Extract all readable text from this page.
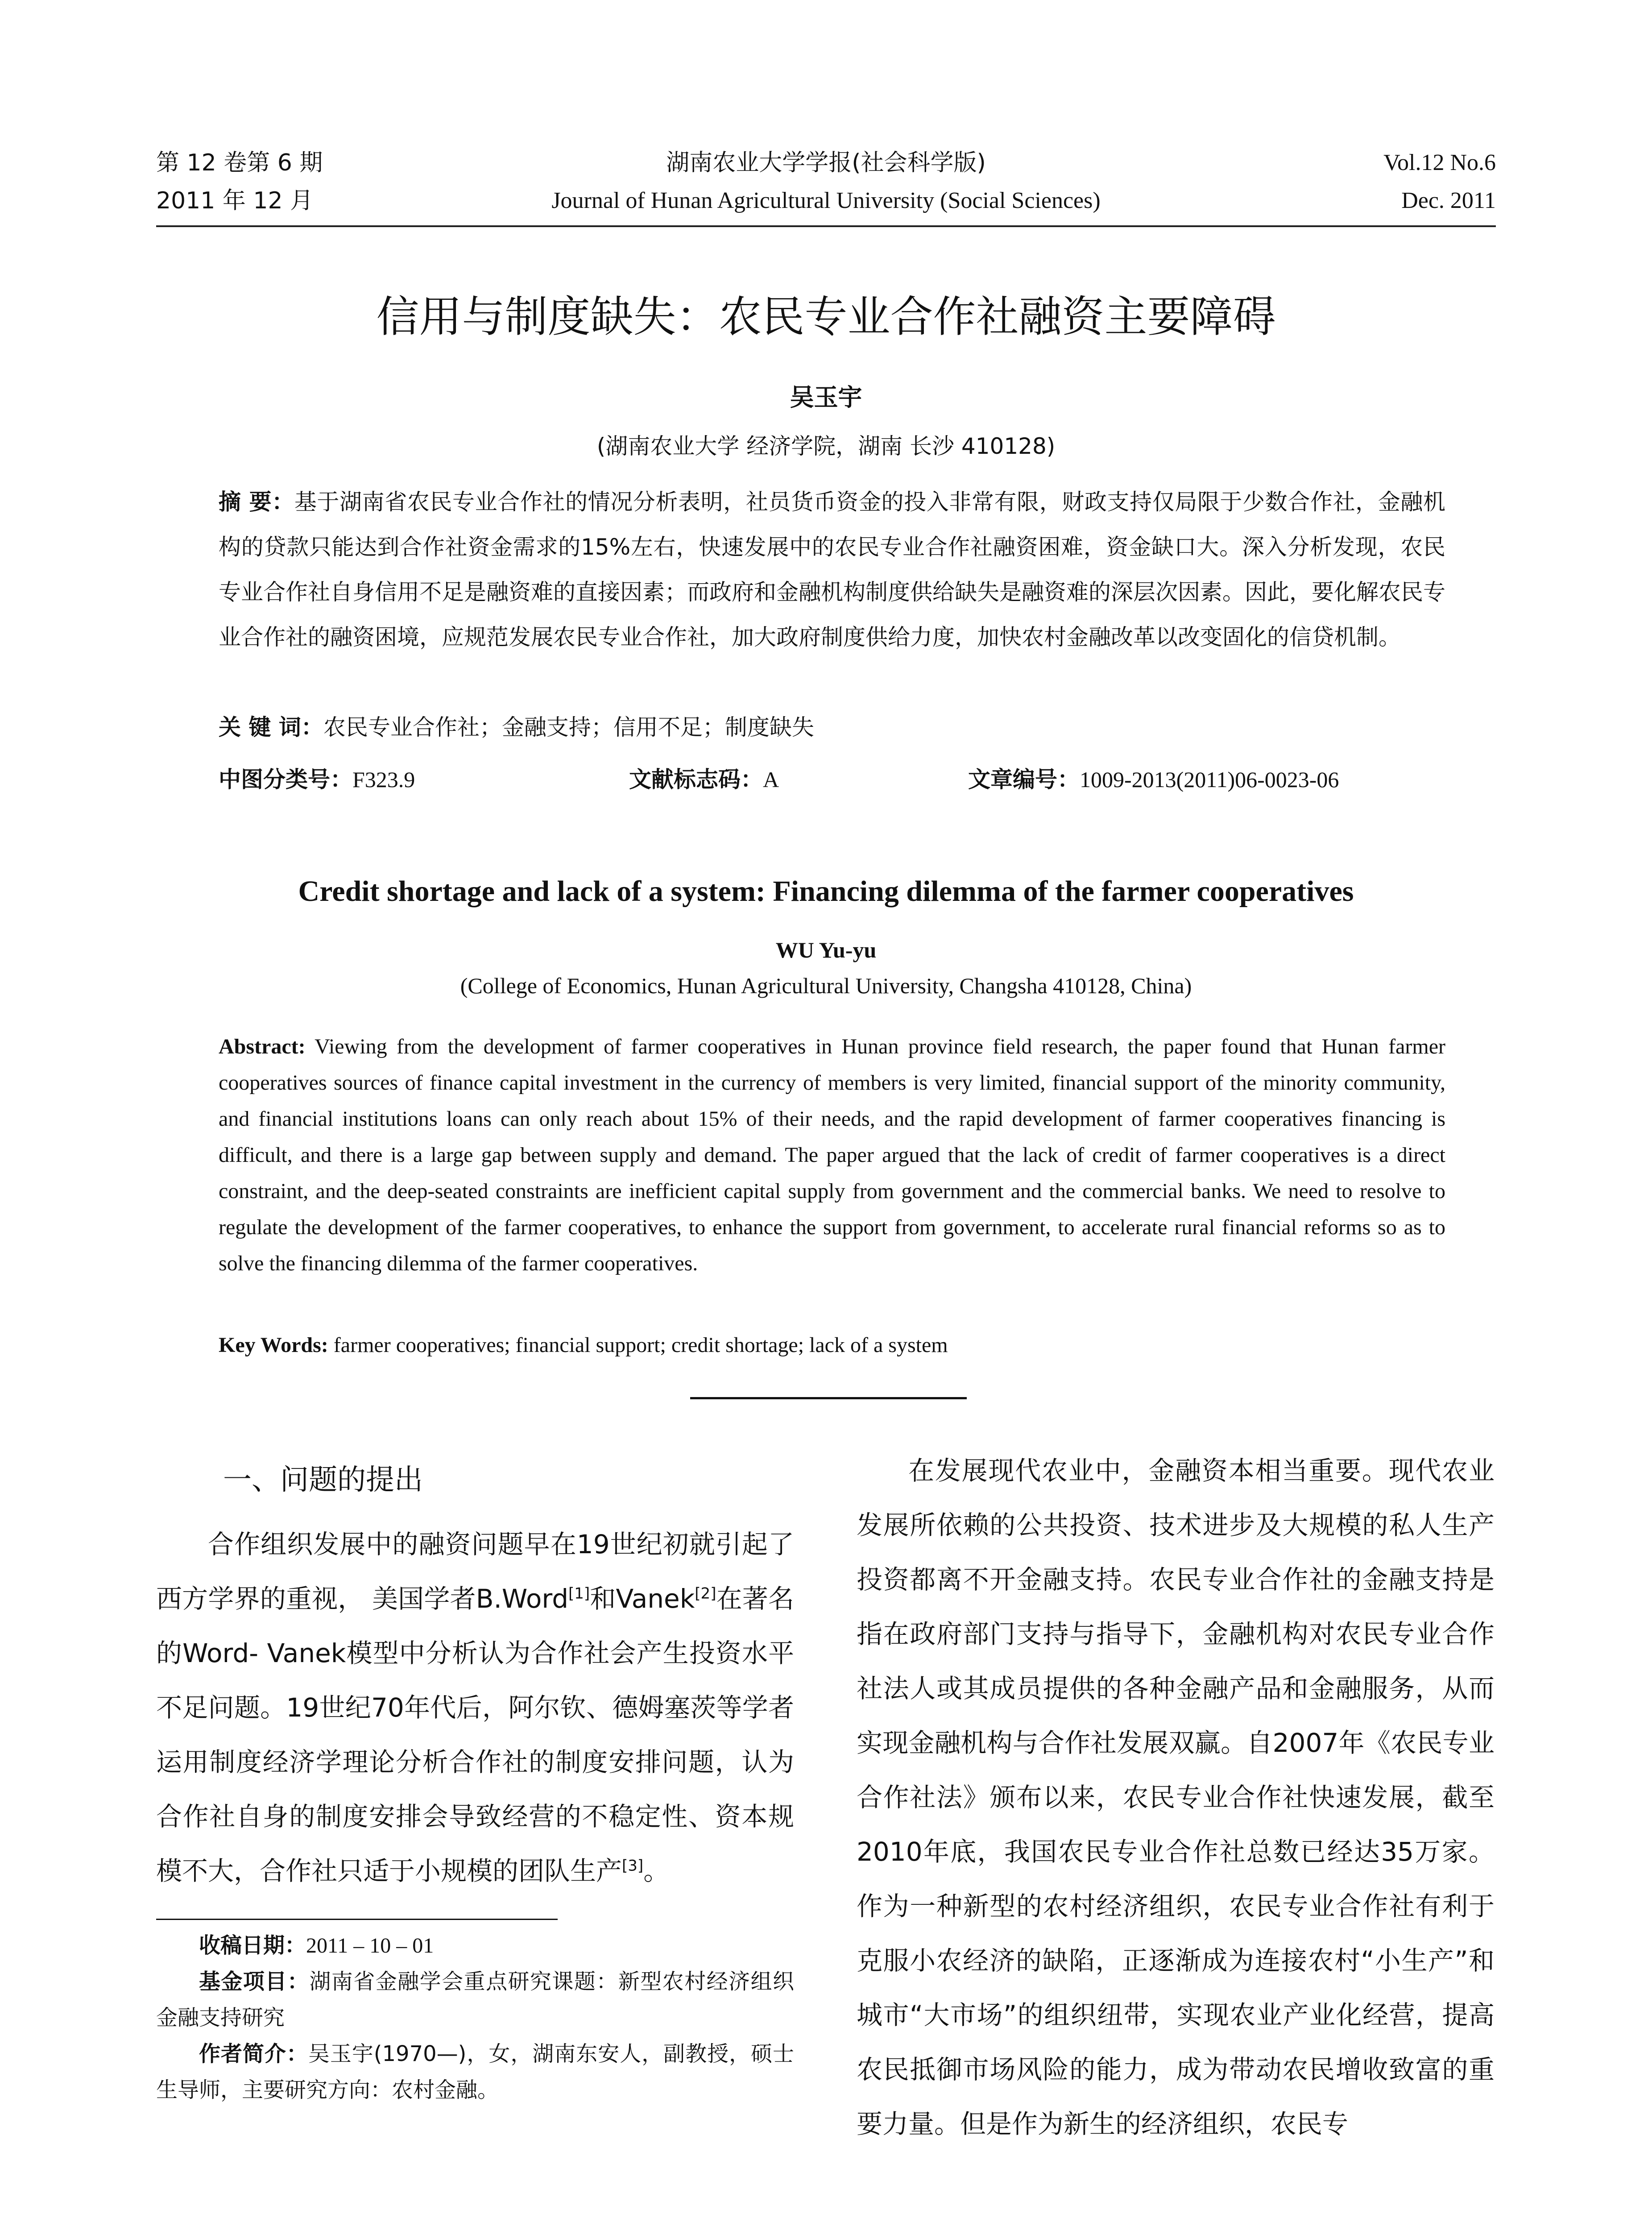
第 12 卷第 6 期
2011 年 12 月
湖南农业大学学报(社会科学版)
Journal of Hunan Agricultural University (Social Sciences)
Vol.12 No.6
Dec. 2011
信用与制度缺失：农民专业合作社融资主要障碍
吴玉宇
(湖南农业大学 经济学院，湖南 长沙 410128)
摘 要：基于湖南省农民专业合作社的情况分析表明，社员货币资金的投入非常有限，财政支持仅局限于少数合作社，金融机构的贷款只能达到合作社资金需求的15%左右，快速发展中的农民专业合作社融资困难，资金缺口大。深入分析发现，农民专业合作社自身信用不足是融资难的直接因素；而政府和金融机构制度供给缺失是融资难的深层次因素。因此，要化解农民专业合作社的融资困境，应规范发展农民专业合作社，加大政府制度供给力度，加快农村金融改革以改变固化的信贷机制。
关 键 词：农民专业合作社；金融支持；信用不足；制度缺失
中图分类号：F323.9	文献标志码：A	文章编号：1009-2013(2011)06-0023-06
Credit shortage and lack of a system: Financing dilemma of the farmer cooperatives
WU Yu-yu
(College of Economics, Hunan Agricultural University, Changsha 410128, China)
Abstract: Viewing from the development of farmer cooperatives in Hunan province field research, the paper found that Hunan farmer cooperatives sources of finance capital investment in the currency of members is very limited, financial support of the minority community, and financial institutions loans can only reach about 15% of their needs, and the rapid development of farmer cooperatives financing is difficult, and there is a large gap between supply and demand. The paper argued that the lack of credit of farmer cooperatives is a direct constraint, and the deep-seated constraints are inefficient capital supply from government and the commercial banks. We need to resolve to regulate the development of the farmer cooperatives, to enhance the support from government, to accelerate rural financial reforms so as to solve the financing dilemma of the farmer cooperatives.
Key Words: farmer cooperatives; financial support; credit shortage; lack of a system
一、问题的提出

合作组织发展中的融资问题早在19世纪初就引起了西方学界的重视， 美国学者B.Word[1]和Vanek[2]在著名的Word- Vanek模型中分析认为合作社会产生投资水平不足问题。19世纪70年代后，阿尔钦、德姆塞茨等学者运用制度经济学理论分析合作社的制度安排问题，认为合作社自身的制度安排会导致经营的不稳定性、资本规模不大，合作社只适于小规模的团队生产[3]。

收稿日期：2011 – 10 – 01

基金项目：湖南省金融学会重点研究课题：新型农村经济组织金融支持研究

作者简介：吴玉宇(1970—)，女，湖南东安人，副教授，硕士生导师，主要研究方向：农村金融。

在发展现代农业中，金融资本相当重要。现代农业发展所依赖的公共投资、技术进步及大规模的私人生产投资都离不开金融支持。农民专业合作社的金融支持是指在政府部门支持与指导下，金融机构对农民专业合作社法人或其成员提供的各种金融产品和金融服务，从而实现金融机构与合作社发展双赢。自2007年《农民专业合作社法》颁布以来，农民专业合作社快速发展，截至2010年底，我国农民专业合作社总数已经达35万家。作为一种新型的农村经济组织，农民专业合作社有利于克服小农经济的缺陷，正逐渐成为连接农村“小生产”和城市“大市场”的组织纽带，实现农业产业化经营，提高农民抵御市场风险的能力，成为带动农民增收致富的重要力量。但是作为新生的经济组织，农民专
